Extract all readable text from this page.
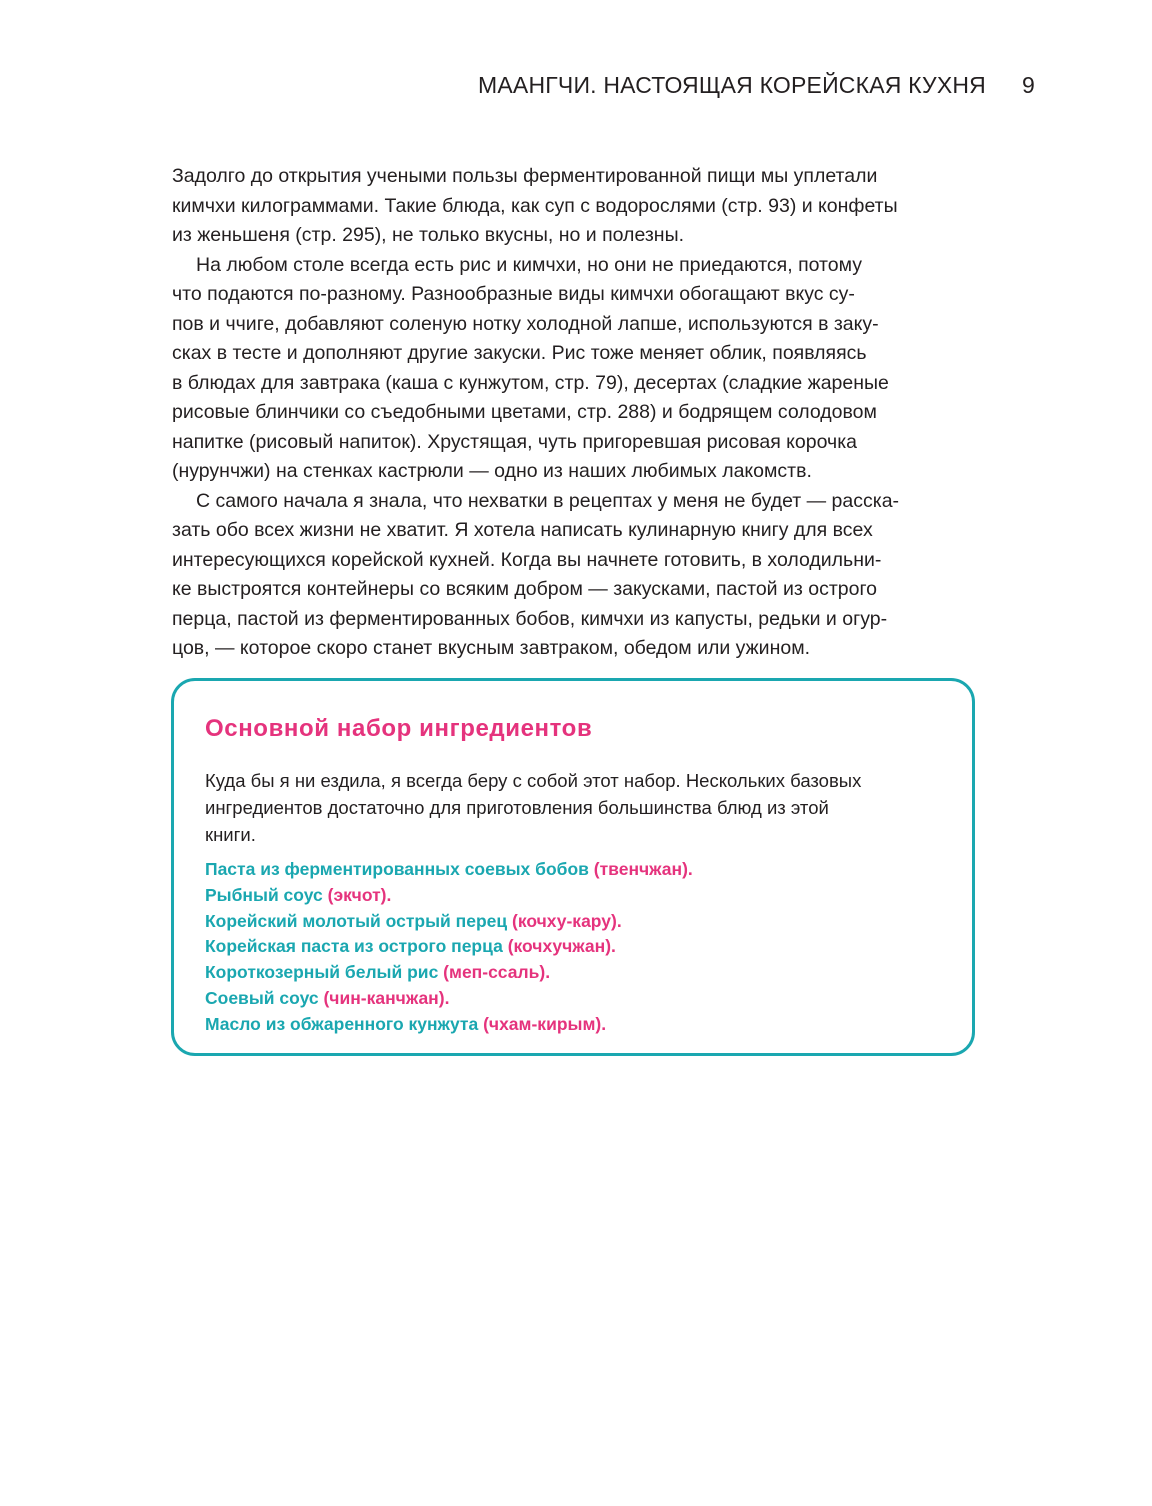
МААНГЧИ. НАСТОЯЩАЯ КОРЕЙСКАЯ КУХНЯ 9
Задолго до открытия учеными пользы ферментированной пищи мы уплетали
кимчхи килограммами. Такие блюда, как суп с водорослями (стр. 93) и конфеты
из женьшеня (стр. 295), не только вкусны, но и полезны.
На любом столе всегда есть рис и кимчхи, но они не приедаются, потому
что подаются по-разному. Разнообразные виды кимчхи обогащают вкус су-
пов и ччиге, добавляют соленую нотку холодной лапше, используются в заку-
сках в тесте и дополняют другие закуски. Рис тоже меняет облик, появляясь
в блюдах для завтрака (каша с кунжутом, стр. 79), десертах (сладкие жареные
рисовые блинчики со съедобными цветами, стр. 288) и бодрящем солодовом
напитке (рисовый напиток). Хрустящая, чуть пригоревшая рисовая корочка
(нурунчжи) на стенках кастрюли — одно из наших любимых лакомств.
С самого начала я знала, что нехватки в рецептах у меня не будет — расска-
зать обо всех жизни не хватит. Я хотела написать кулинарную книгу для всех
интересующихся корейской кухней. Когда вы начнете готовить, в холодильни-
ке выстроятся контейнеры со всяким добром — закусками, пастой из острого
перца, пастой из ферментированных бобов, кимчхи из капусты, редьки и огур-
цов, — которое скоро станет вкусным завтраком, обедом или ужином.
Основной набор ингредиентов
Куда бы я ни ездила, я всегда беру с собой этот набор. Нескольких базовых
ингредиентов достаточно для приготовления большинства блюд из этой
книги.
Паста из ферментированных соевых бобов (твенчжан).
Рыбный соус (экчот).
Корейский молотый острый перец (кочху-кару).
Корейская паста из острого перца (кочхучжан).
Короткозерный белый рис (меп-ссаль).
Соевый соус (чин-канчжан).
Масло из обжаренного кунжута (чхам-кирым).
